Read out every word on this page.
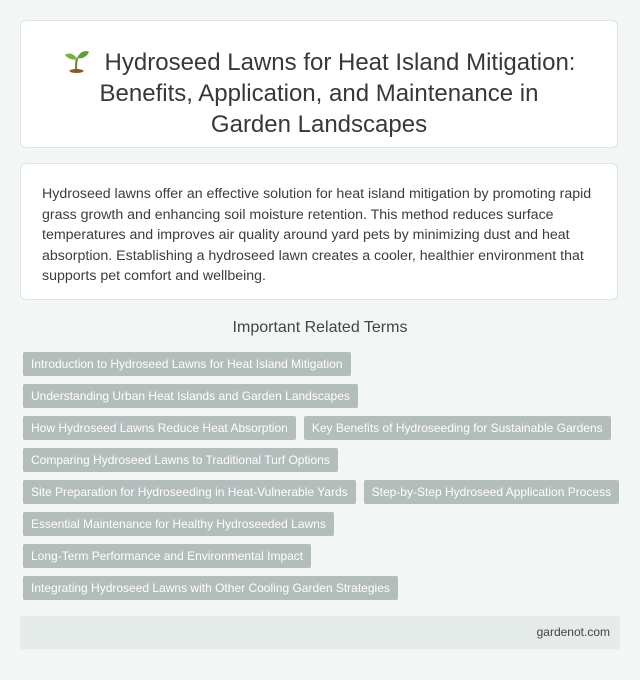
Hydroseed Lawns for Heat Island Mitigation: Benefits, Application, and Maintenance in Garden Landscapes
Hydroseed lawns offer an effective solution for heat island mitigation by promoting rapid grass growth and enhancing soil moisture retention. This method reduces surface temperatures and improves air quality around yard pets by minimizing dust and heat absorption. Establishing a hydroseed lawn creates a cooler, healthier environment that supports pet comfort and wellbeing.
Important Related Terms
Introduction to Hydroseed Lawns for Heat Island Mitigation
Understanding Urban Heat Islands and Garden Landscapes
How Hydroseed Lawns Reduce Heat Absorption	Key Benefits of Hydroseeding for Sustainable Gardens
Comparing Hydroseed Lawns to Traditional Turf Options
Site Preparation for Hydroseeding in Heat-Vulnerable Yards	Step-by-Step Hydroseed Application Process
Essential Maintenance for Healthy Hydroseeded Lawns
Long-Term Performance and Environmental Impact
Integrating Hydroseed Lawns with Other Cooling Garden Strategies
gardenot.com
